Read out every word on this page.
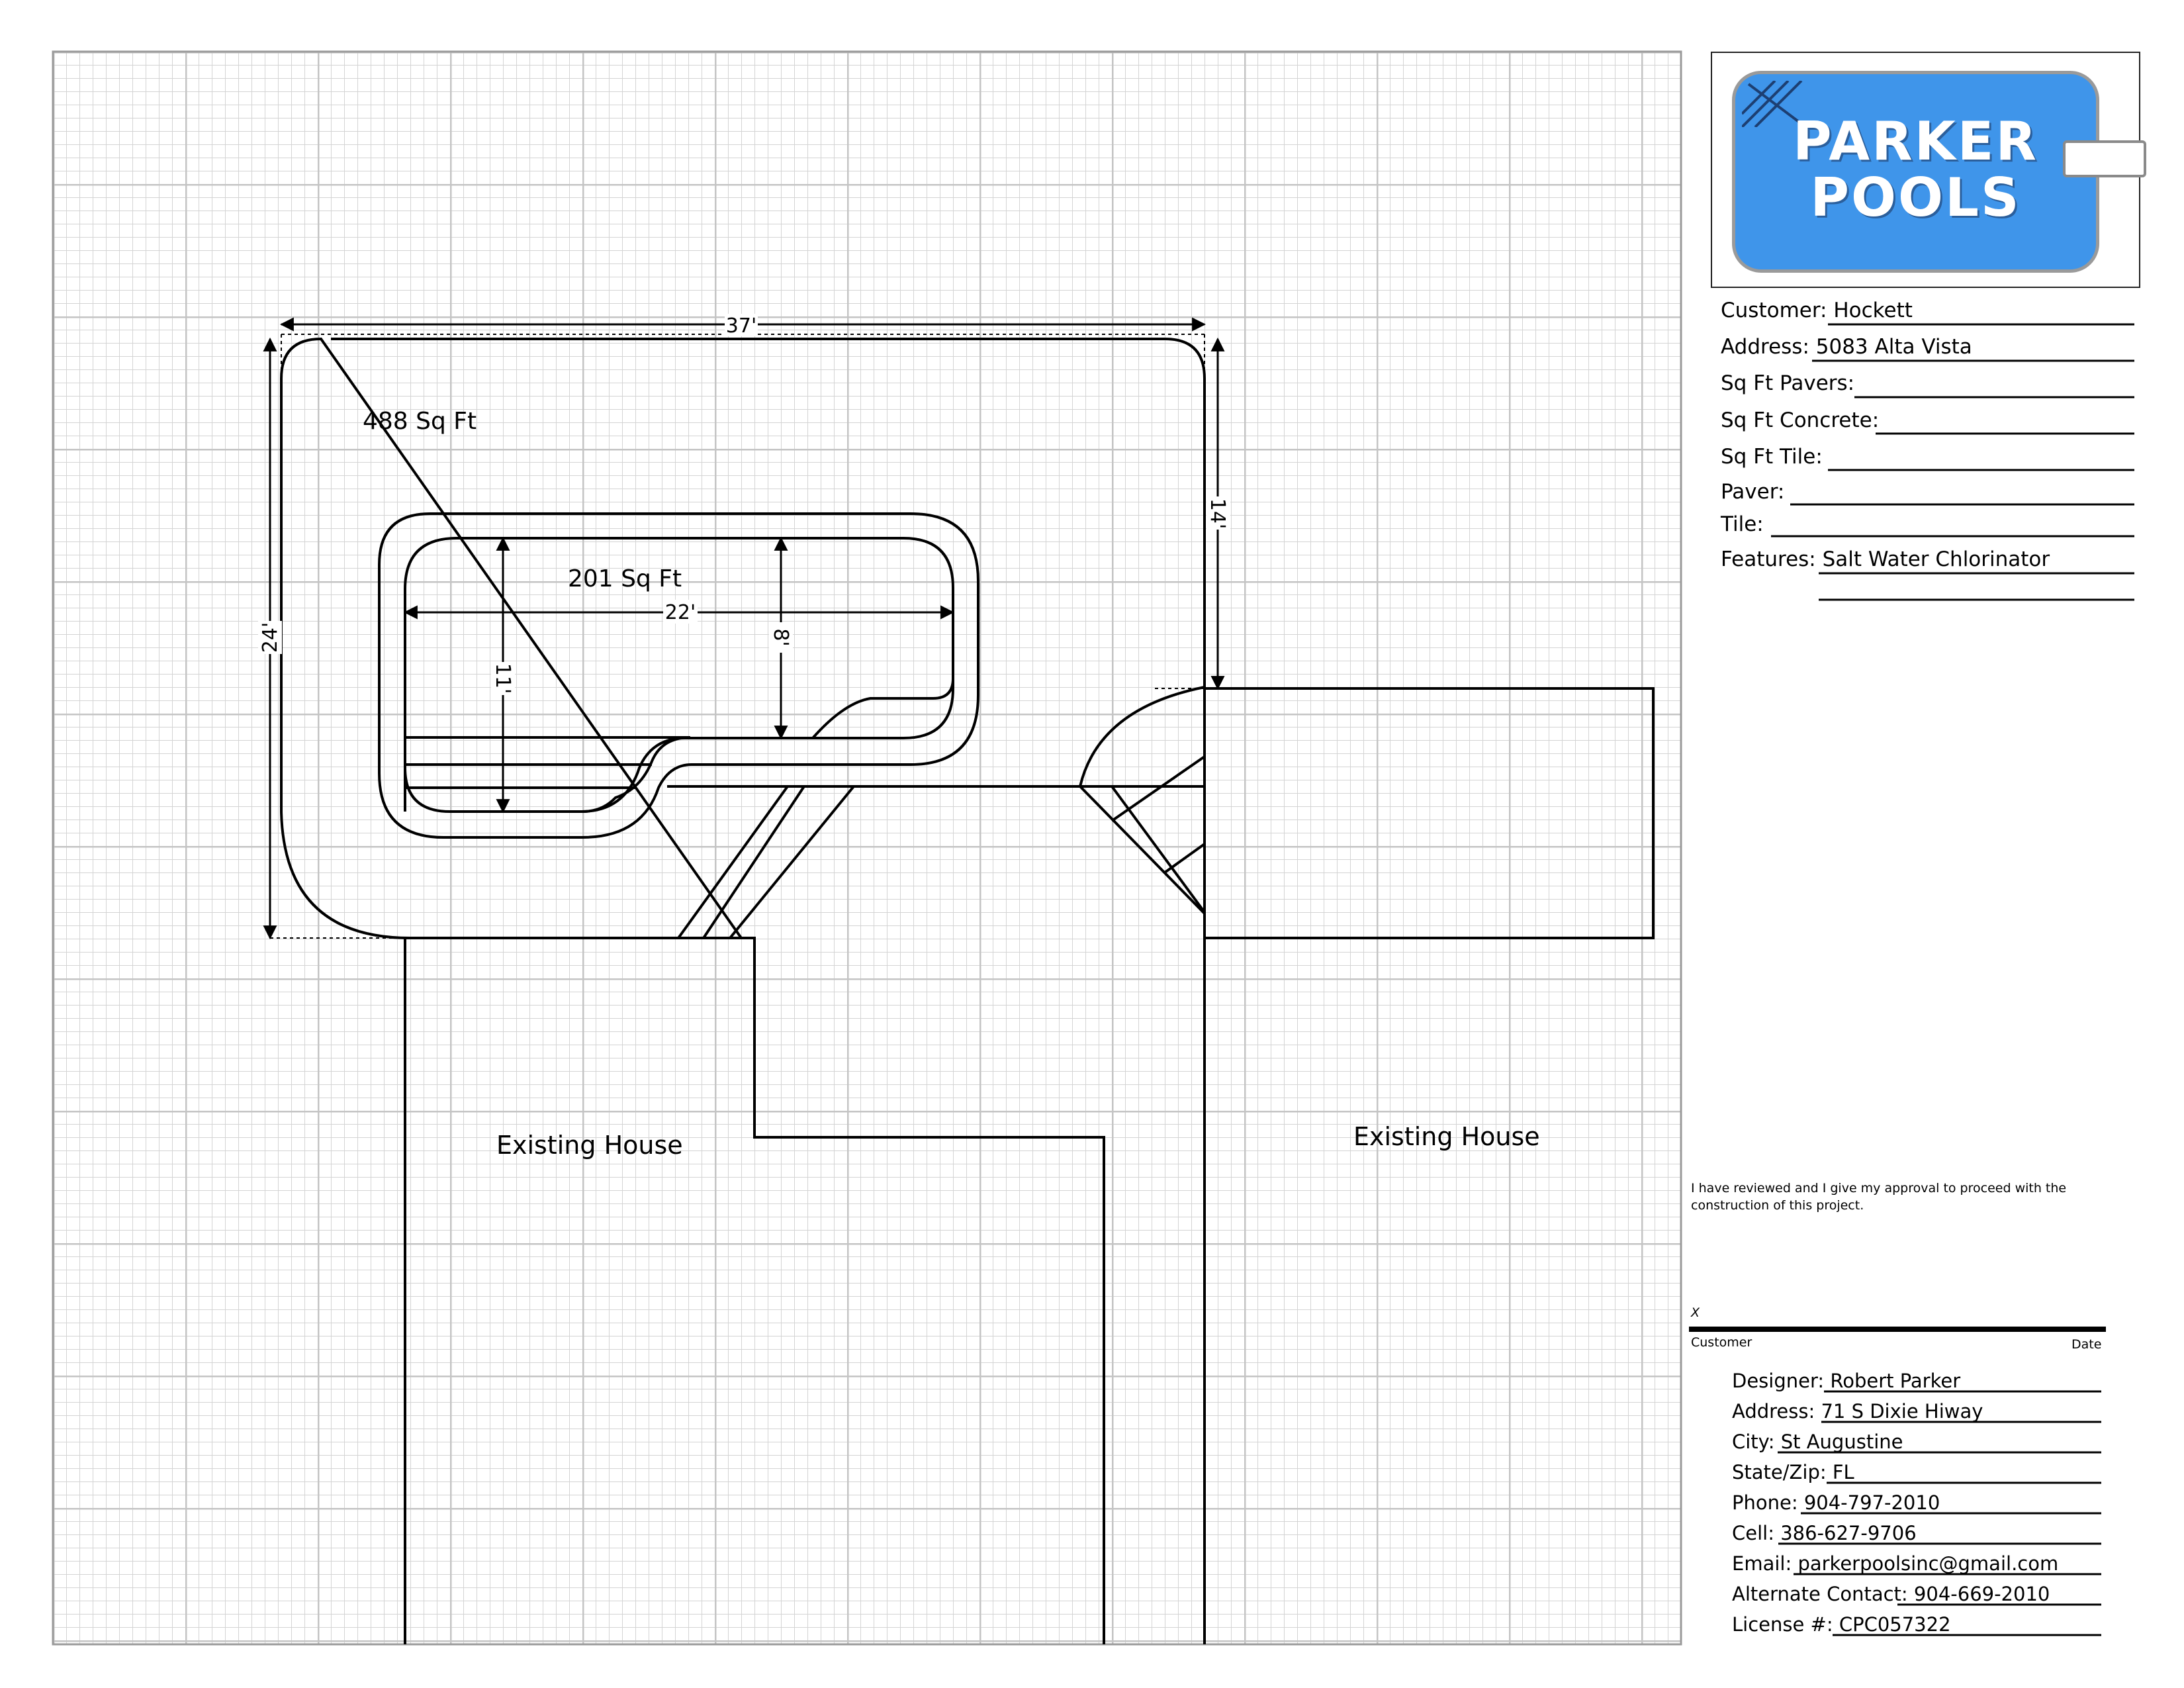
37'
24'
14'
22'
11'
8'
488 Sq Ft
201 Sq Ft
Existing House	Existing House
PARKER
POOLS
Customer: Hockett
Address: 5083 Alta Vista
Sq Ft Pavers:
Sq Ft Concrete:
Sq Ft Tile:
Paver:
Tile:
Features: Salt Water Chlorinator
I have reviewed and I give my approval to proceed with the construction of this project.
X
Customer	Date
Designer: Robert Parker
Address: 71 S Dixie Hiway
City: St Augustine
State/Zip: FL
Phone: 904-797-2010
Cell: 386-627-9706
Email: parkerpoolsinc@gmail.com
Alternate Contact: 904-669-2010
License #: CPC057322
